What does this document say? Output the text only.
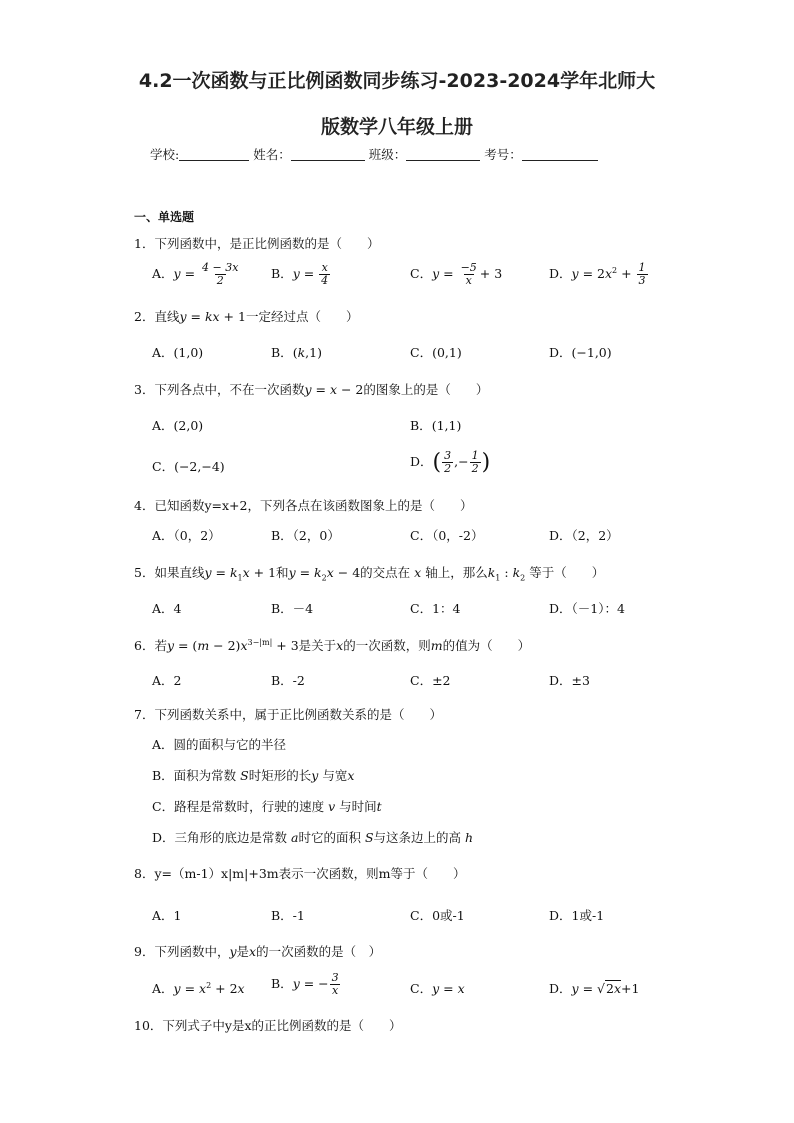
4.2一次函数与正比例函数同步练习-2023-2024学年北师大
版数学八年级上册
学校:	姓名：	班级：	考号：
一、单选题
1．下列函数中，是正比例函数的是（　　）
A．$y = \frac{4 - 3x}{2}$ B．$y = \frac{x}{4}$	C．$y = \frac{-5}{x} + 3$	D．$y = 2x^2 + \frac{1}{3}$
2．直线y = kx + 1一定经过点（　　）
A．(1,0)	B．(k,1)	C．(0,1)	D．(−1,0)
3．下列各点中，不在一次函数y = x − 2的图象上的是（　　）
A．(2,0)	B．(1,1)
C．(−2,−4)	D．( $\frac{3}{2}$ ,− $\frac{1}{2}$ )
4．已知函数y=x+2，下列各点在该函数图象上的是（　　）
A．（0，2）	B．（2，0）	C．（0，-2）	D．（2，2）
5．如果直线$y = k_1x + 1$和$y = k_2x - 4$的交点在 x 轴上，那么$k_1$ : $k_2$ 等于（　　）
A．4	B．－4	C．1：4	D．（－1）：4
6．若$y = (m - 2)x^{3-|m|} + 3$是关于x的一次函数，则m的值为（　　）
A．2	B．-2	C．±2	D．±3
7．下列函数关系中，属于正比例函数关系的是（　　）
A．圆的面积与它的半径
B．面积为常数 S时矩形的长y 与宽x
C．路程是常数时，行驶的速度 v 与时间t
D．三角形的底边是常数 a时它的面积 S与这条边上的高 h
8．y=（m-1）x|m|+3m表示一次函数，则m等于（　　）
A．1	B．-1	C．0或-1	D．1或-1
9．下列函数中，y是x的一次函数的是（　）
A．$y = x^2 + 2x$ B．y = − $\frac{3}{x}$	C．y = x	D．y = √2x+1
10．下列式子中y是x的正比例函数的是（　　）
